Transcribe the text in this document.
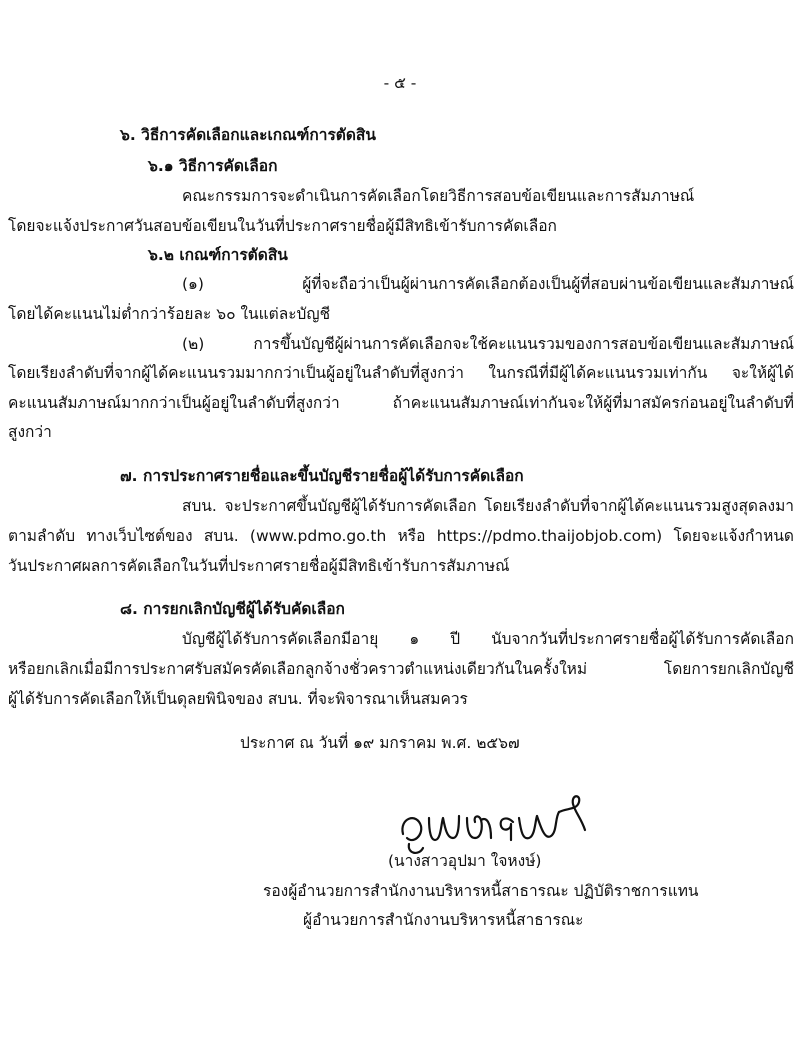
- ๕ -
๖. วิธีการคัดเลือกและเกณฑ์การตัดสิน
๖.๑ วิธีการคัดเลือก
คณะกรรมการจะดำเนินการคัดเลือกโดยวิธีการสอบข้อเขียนและการสัมภาษณ์
โดยจะแจ้งประกาศวันสอบข้อเขียนในวันที่ประกาศรายชื่อผู้มีสิทธิเข้ารับการคัดเลือก
๖.๒ เกณฑ์การตัดสิน
(๑) ผู้ที่จะถือว่าเป็นผู้ผ่านการคัดเลือกต้องเป็นผู้ที่สอบผ่านข้อเขียนและสัมภาษณ์
โดยได้คะแนนไม่ต่ำกว่าร้อยละ ๖๐ ในแต่ละบัญชี
(๒) การขึ้นบัญชีผู้ผ่านการคัดเลือกจะใช้คะแนนรวมของการสอบข้อเขียนและสัมภาษณ์
โดยเรียงลำดับที่จากผู้ได้คะแนนรวมมากกว่าเป็นผู้อยู่ในลำดับที่สูงกว่า ในกรณีที่มีผู้ได้คะแนนรวมเท่ากัน จะให้ผู้ได้
คะแนนสัมภาษณ์มากกว่าเป็นผู้อยู่ในลำดับที่สูงกว่า ถ้าคะแนนสัมภาษณ์เท่ากันจะให้ผู้ที่มาสมัครก่อนอยู่ในลำดับที่
สูงกว่า
๗. การประกาศรายชื่อและขึ้นบัญชีรายชื่อผู้ได้รับการคัดเลือก
สบน. จะประกาศขึ้นบัญชีผู้ได้รับการคัดเลือก โดยเรียงลำดับที่จากผู้ได้คะแนนรวมสูงสุดลงมา
ตามลำดับ ทางเว็บไซต์ของ สบน. (www.pdmo.go.th หรือ https://pdmo.thaijobjob.com) โดยจะแจ้งกำหนด
วันประกาศผลการคัดเลือกในวันที่ประกาศรายชื่อผู้มีสิทธิเข้ารับการสัมภาษณ์
๘. การยกเลิกบัญชีผู้ได้รับคัดเลือก
บัญชีผู้ได้รับการคัดเลือกมีอายุ ๑ ปี นับจากวันที่ประกาศรายชื่อผู้ได้รับการคัดเลือก
หรือยกเลิกเมื่อมีการประกาศรับสมัครคัดเลือกลูกจ้างชั่วคราวตำแหน่งเดียวกันในครั้งใหม่ โดยการยกเลิกบัญชี
ผู้ได้รับการคัดเลือกให้เป็นดุลยพินิจของ สบน. ที่จะพิจารณาเห็นสมควร
ประกาศ ณ วันที่ ๑๙ มกราคม พ.ศ. ๒๕๖๗
(นางสาวอุปมา ใจหงษ์)
รองผู้อำนวยการสำนักงานบริหารหนี้สาธารณะ ปฏิบัติราชการแทน
ผู้อำนวยการสำนักงานบริหารหนี้สาธารณะ
